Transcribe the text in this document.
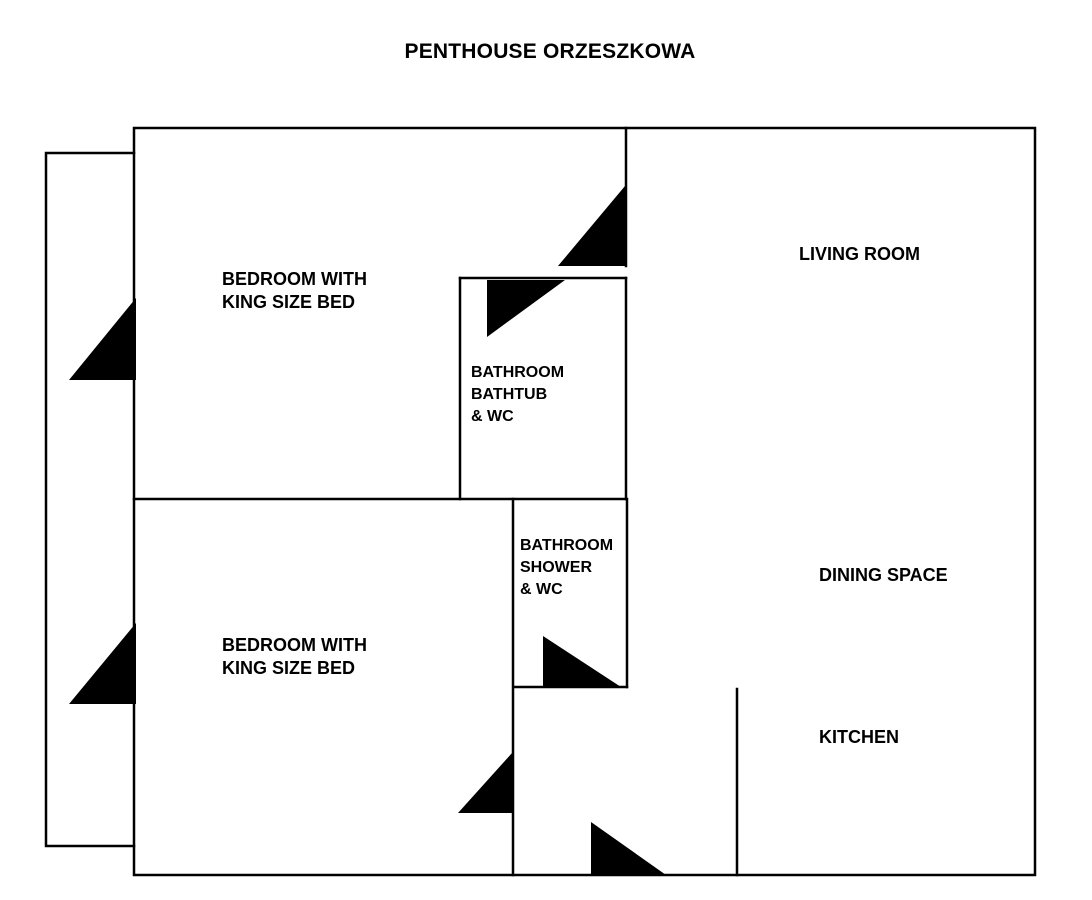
PENTHOUSE ORZESZKOWA
BEDROOM WITH
KING SIZE BED
LIVING ROOM
BATHROOM
BATHTUB
& WC
BATHROOM
SHOWER
& WC
DINING SPACE
BEDROOM WITH
KING SIZE BED
KITCHEN
